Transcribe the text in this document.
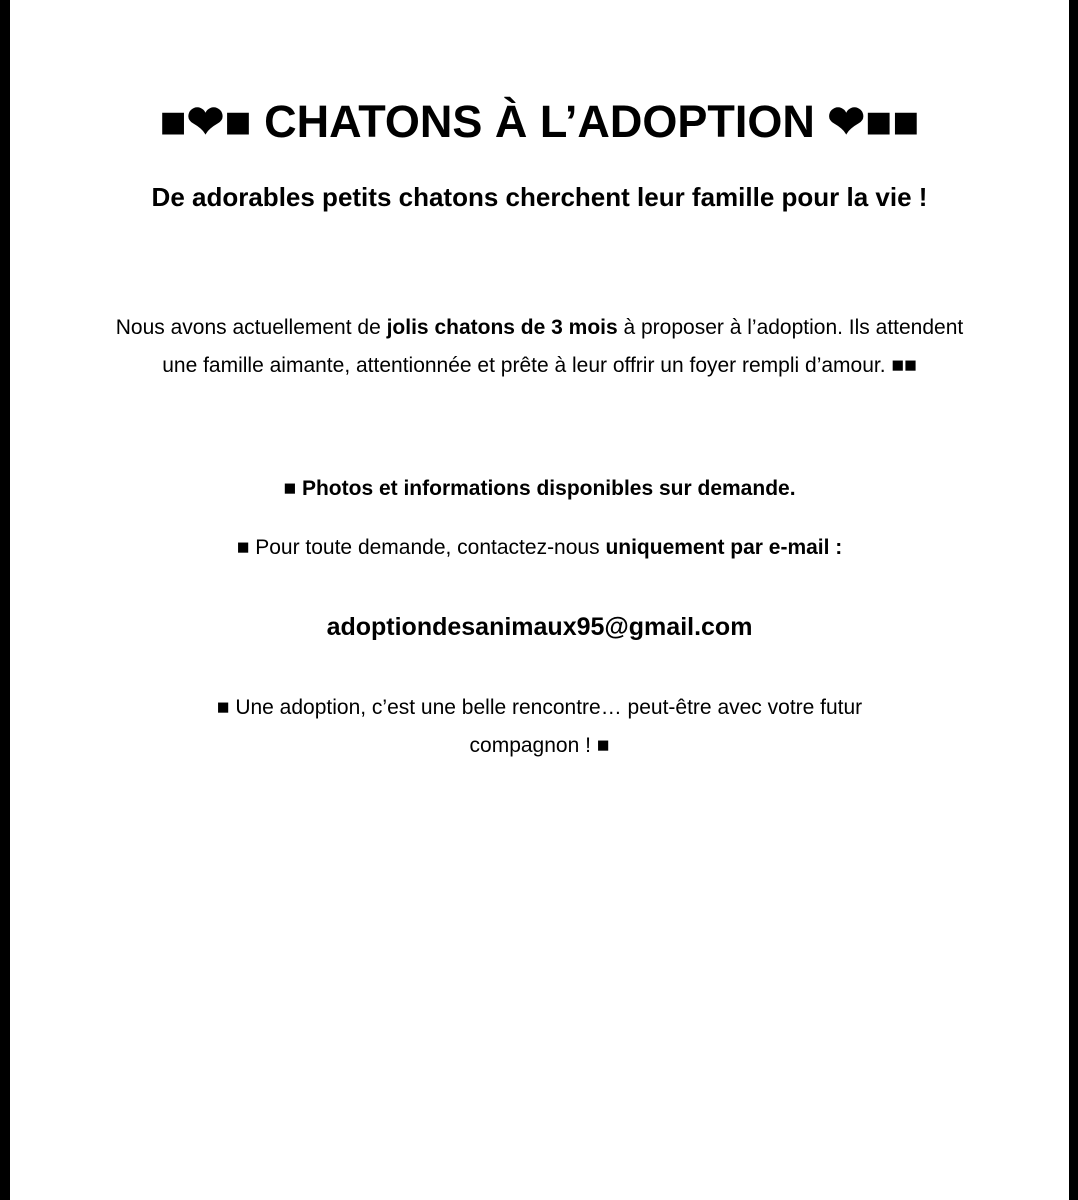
■❤■ CHATONS À L’ADOPTION ❤■■
De adorables petits chatons cherchent leur famille pour la vie !

Nous avons actuellement de jolis chatons de 3 mois à proposer à l’adoption. Ils attendent une famille aimante, attentionnée et prête à leur offrir un foyer rempli d’amour. ■■

■ Photos et informations disponibles sur demande.

■ Pour toute demande, contactez-nous uniquement par e-mail :

adoptiondesanimaux95@gmail.com

■ Une adoption, c’est une belle rencontre… peut-être avec votre futur compagnon ! ■
